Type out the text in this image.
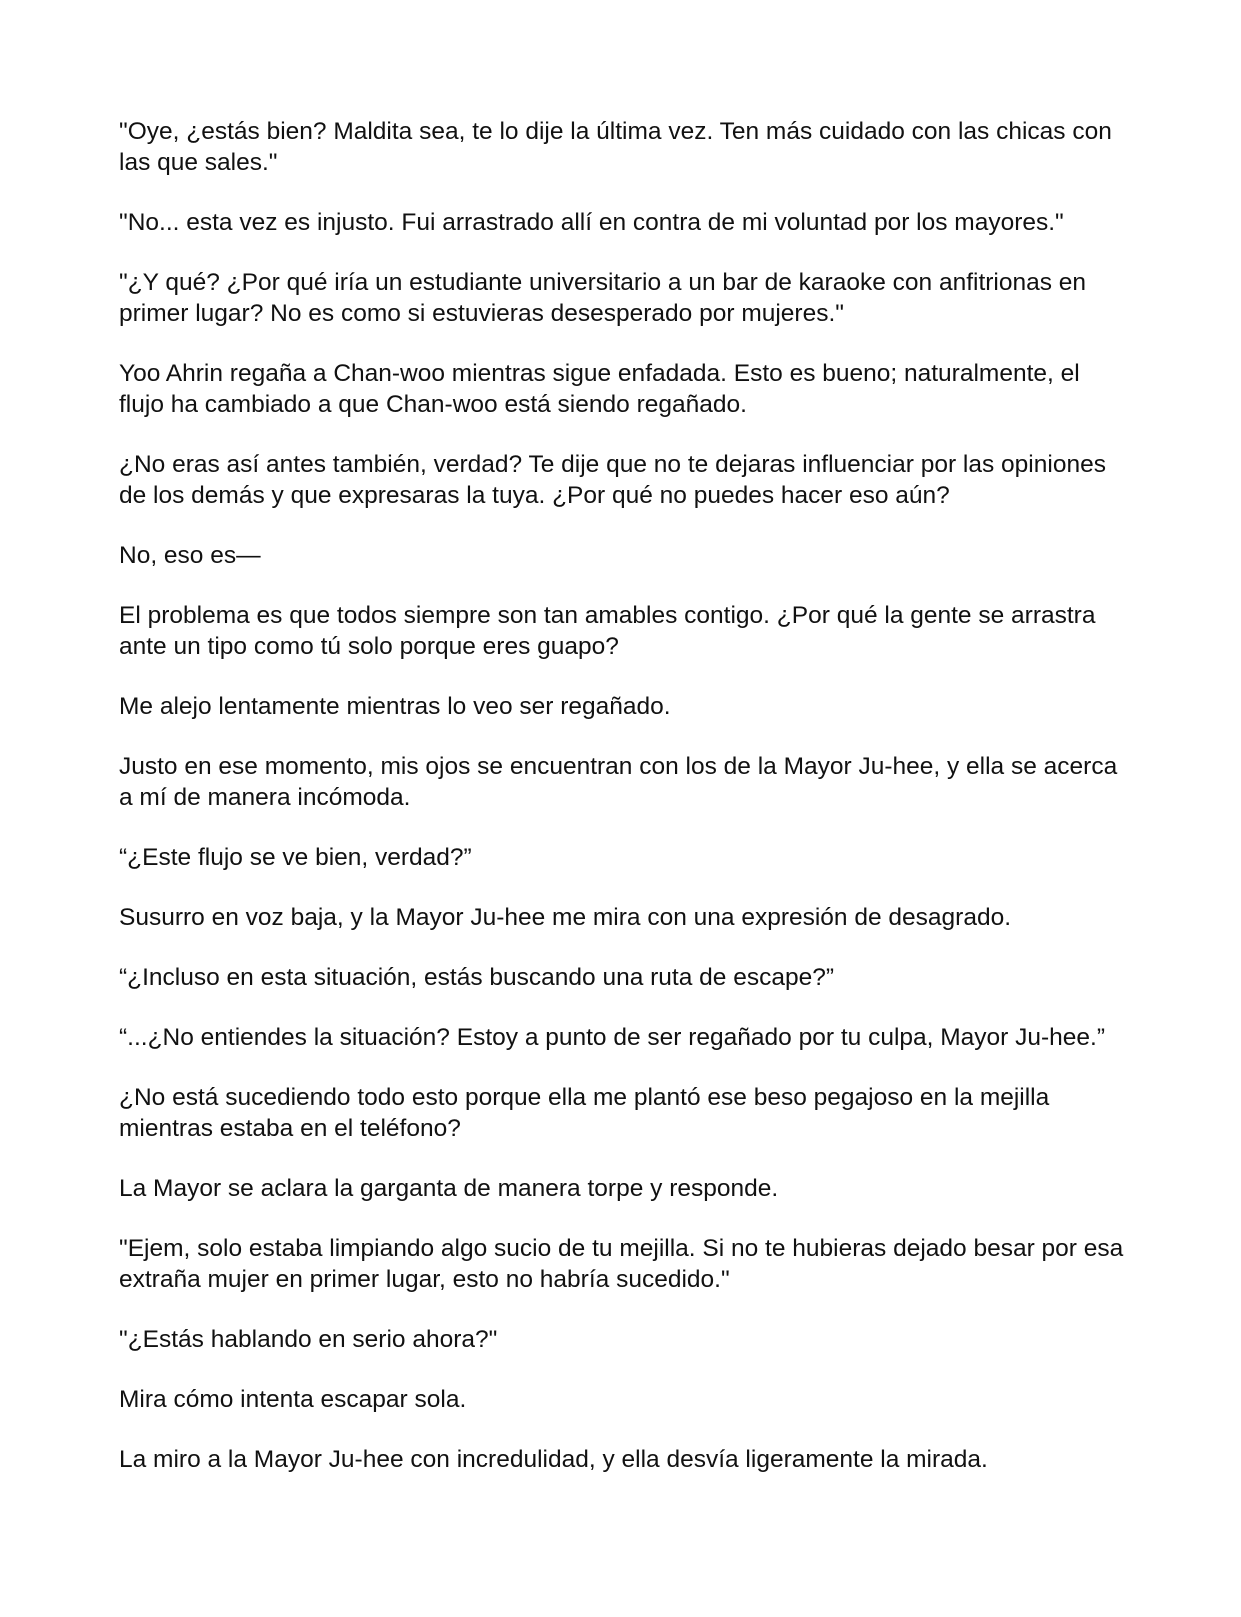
"Oye, ¿estás bien? Maldita sea, te lo dije la última vez. Ten más cuidado con las chicas con las que sales."

"No... esta vez es injusto. Fui arrastrado allí en contra de mi voluntad por los mayores."

"¿Y qué? ¿Por qué iría un estudiante universitario a un bar de karaoke con anfitrionas en primer lugar? No es como si estuvieras desesperado por mujeres."

Yoo Ahrin regaña a Chan-woo mientras sigue enfadada. Esto es bueno; naturalmente, el flujo ha cambiado a que Chan-woo está siendo regañado.

¿No eras así antes también, verdad? Te dije que no te dejaras influenciar por las opiniones de los demás y que expresaras la tuya. ¿Por qué no puedes hacer eso aún?

No, eso es—

El problema es que todos siempre son tan amables contigo. ¿Por qué la gente se arrastra ante un tipo como tú solo porque eres guapo?

Me alejo lentamente mientras lo veo ser regañado.

Justo en ese momento, mis ojos se encuentran con los de la Mayor Ju-hee, y ella se acerca a mí de manera incómoda.

“¿Este flujo se ve bien, verdad?”

Susurro en voz baja, y la Mayor Ju-hee me mira con una expresión de desagrado.

“¿Incluso en esta situación, estás buscando una ruta de escape?”

“...¿No entiendes la situación? Estoy a punto de ser regañado por tu culpa, Mayor Ju-hee.”

¿No está sucediendo todo esto porque ella me plantó ese beso pegajoso en la mejilla mientras estaba en el teléfono?

La Mayor se aclara la garganta de manera torpe y responde.

"Ejem, solo estaba limpiando algo sucio de tu mejilla. Si no te hubieras dejado besar por esa extraña mujer en primer lugar, esto no habría sucedido."

"¿Estás hablando en serio ahora?"

Mira cómo intenta escapar sola.

La miro a la Mayor Ju-hee con incredulidad, y ella desvía ligeramente la mirada.
